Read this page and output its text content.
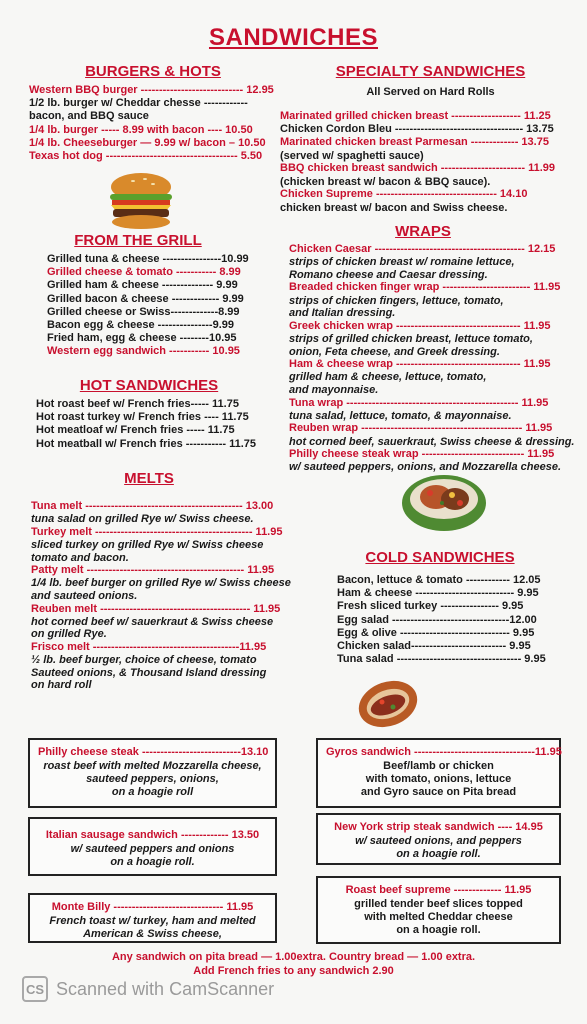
SANDWICHES
BURGERS & HOTS
Western BBQ burger ---------------------------- 12.95
1/2 lb. burger w/ Cheddar chesse ------------
bacon, and BBQ sauce
1/4 lb. burger ----- 8.99 with bacon ---- 10.50
1/4 lb. Cheeseburger — 9.99 w/ bacon – 10.50
Texas hot dog ------------------------------------ 5.50
FROM THE GRILL
Grilled tuna & cheese ----------------10.99
Grilled cheese & tomato ----------- 8.99
Grilled ham & cheese -------------- 9.99
Grilled bacon & cheese ------------- 9.99
Grilled cheese or Swiss-------------8.99
Bacon egg & cheese ---------------9.99
Fried ham, egg & cheese --------10.95
Western egg sandwich ----------- 10.95
HOT SANDWICHES
Hot roast beef w/ French fries----- 11.75
Hot roast turkey w/ French fries ---- 11.75
Hot meatloaf w/ French fries ----- 11.75
Hot meatball w/ French fries ----------- 11.75
MELTS
Tuna melt ------------------------------------------- 13.00
tuna salad on grilled Rye w/ Swiss cheese.
Turkey melt ------------------------------------------- 11.95
sliced turkey on grilled Rye w/ Swiss cheese
tomato and bacon.
Patty melt ------------------------------------------- 11.95
1/4 lb. beef burger on grilled Rye w/ Swiss cheese
and sauteed onions.
Reuben melt ----------------------------------------- 11.95
hot corned beef w/ sauerkraut & Swiss cheese
on grilled Rye.
Frisco melt ----------------------------------------11.95
½ lb. beef burger, choice of cheese, tomato
Sauteed onions, & Thousand Island dressing
on hard roll
SPECIALTY SANDWICHES
All Served on Hard Rolls
Marinated grilled chicken breast ------------------- 11.25
Chicken Cordon Bleu ----------------------------------- 13.75
Marinated chicken breast Parmesan ------------- 13.75
(served w/ spaghetti sauce)
BBQ chicken breast sandwich ----------------------- 11.99
(chicken breast w/ bacon & BBQ sauce).
Chicken Supreme --------------------------------- 14.10
chicken breast w/ bacon and Swiss cheese.
WRAPS
Chicken Caesar ----------------------------------------- 12.15
strips of chicken breast w/ romaine lettuce,
Romano cheese and Caesar dressing.
Breaded chicken finger wrap ------------------------ 11.95
strips of chicken fingers, lettuce, tomato,
and Italian dressing.
Greek chicken wrap ---------------------------------- 11.95
strips of grilled chicken breast, lettuce tomato,
onion, Feta cheese, and Greek dressing.
Ham & cheese wrap ---------------------------------- 11.95
grilled ham & cheese, lettuce, tomato,
and mayonnaise.
Tuna wrap ----------------------------------------------- 11.95
tuna salad, lettuce, tomato, & mayonnaise.
Reuben wrap -------------------------------------------- 11.95
hot corned beef, sauerkraut, Swiss cheese & dressing.
Philly cheese steak wrap ---------------------------- 11.95
w/ sauteed peppers, onions, and Mozzarella cheese.
COLD SANDWICHES
Bacon, lettuce & tomato ------------ 12.05
Ham & cheese --------------------------- 9.95
Fresh sliced turkey ---------------- 9.95
Egg salad --------------------------------12.00
Egg & olive ------------------------------ 9.95
Chicken salad-------------------------- 9.95
Tuna salad ---------------------------------- 9.95
Philly cheese steak ---------------------------13.10
roast beef with melted Mozzarella cheese,
sauteed peppers, onions,
on a hoagie roll
Gyros sandwich ---------------------------------11.95
Beef/lamb or chicken
with tomato, onions, lettuce
and Gyro sauce on Pita bread
Italian sausage sandwich ------------- 13.50
w/ sauteed peppers and onions
on a hoagie roll.
New York strip steak sandwich ---- 14.95
w/ sauteed onions, and peppers
on a hoagie roll.
Monte Billy ------------------------------ 11.95
French toast w/ turkey, ham and melted
American & Swiss cheese,
Roast beef supreme ------------- 11.95
grilled tender beef slices topped
with melted Cheddar cheese
on a hoagie roll.
Any sandwich on pita bread — 1.00extra. Country bread — 1.00 extra.
Add French fries to any sandwich 2.90
CS Scanned with CamScanner
